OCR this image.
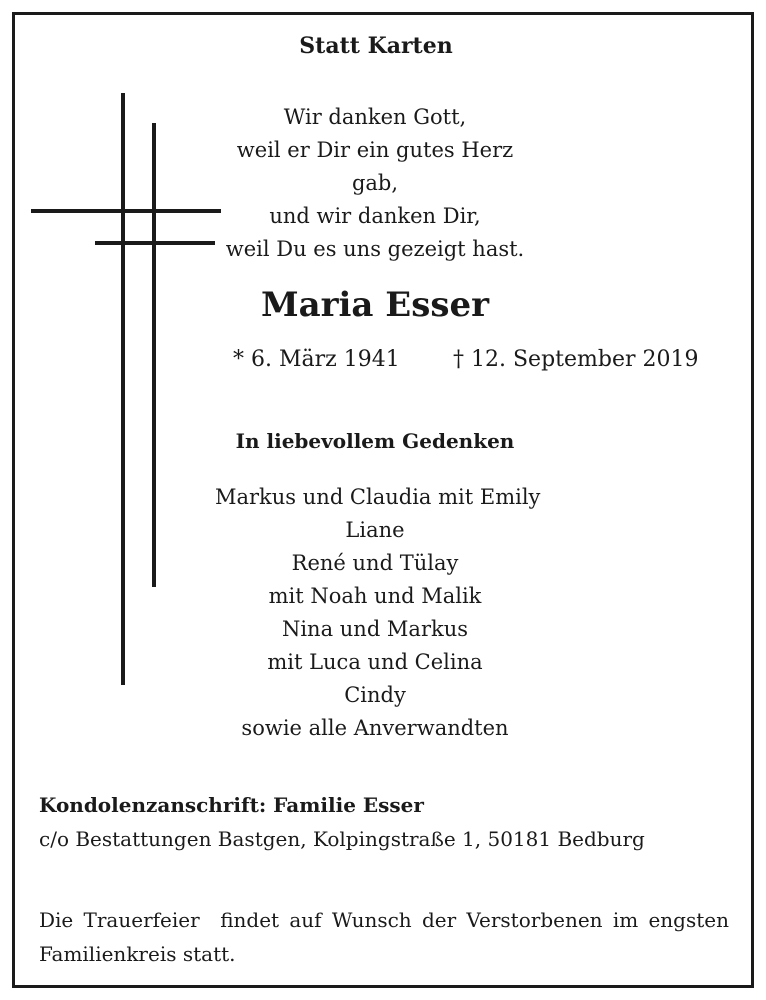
Statt Karten
Wir danken Gott,
weil er Dir ein gutes Herz gab,
und wir danken Dir,
weil Du es uns gezeigt hast.
Maria Esser
* 6. März 1941 † 12. September 2019
In liebevollem Gedenken
Markus und Claudia mit Emily
Liane
René und Tülay
mit Noah und Malik
Nina und Markus
mit Luca und Celina
Cindy
sowie alle Anverwandten
Kondolenzanschrift: Familie Esser
c/o Bestattungen Bastgen, Kolpingstraße 1, 50181 Bedburg
Die Trauerfeier  findet auf Wunsch der Verstorbenen im engsten Familienkreis statt.
